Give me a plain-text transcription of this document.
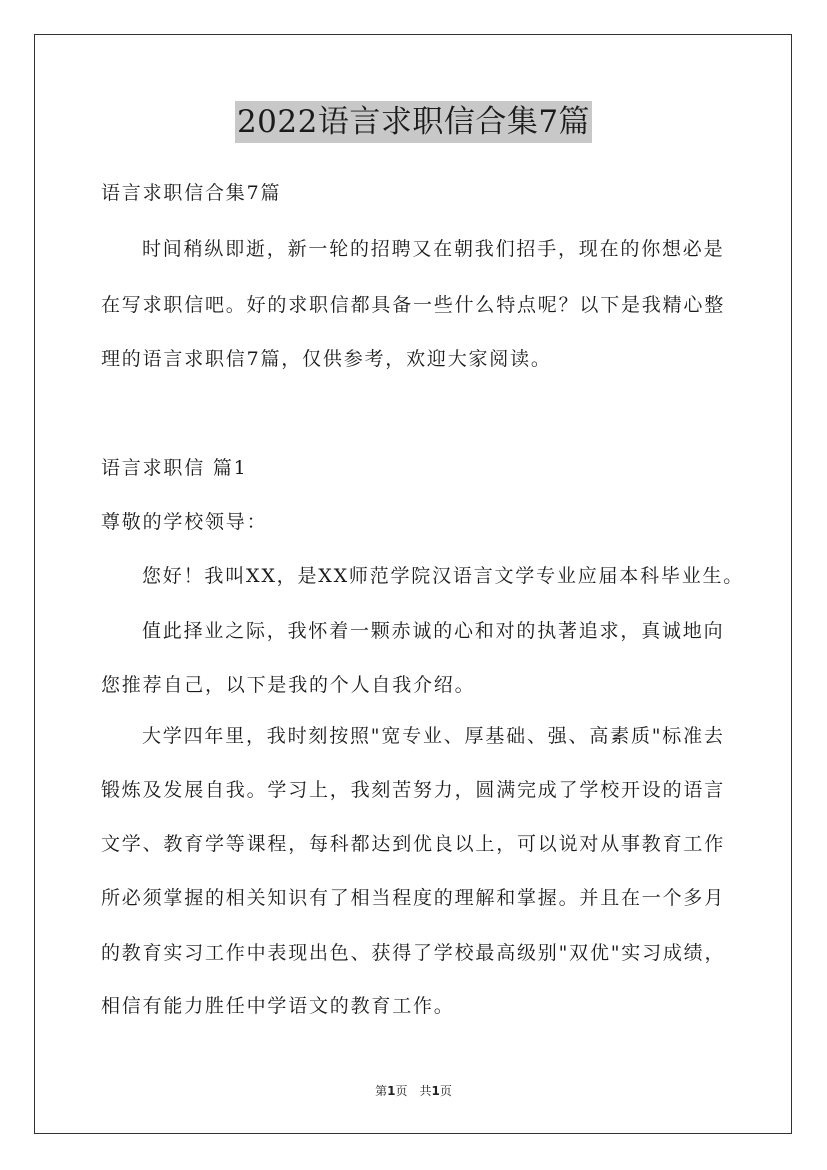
2022语言求职信合集7篇
语言求职信合集7篇
时间稍纵即逝，新一轮的招聘又在朝我们招手，现在的你想必是
在写求职信吧。好的求职信都具备一些什么特点呢？以下是我精心整
理的语言求职信7篇，仅供参考，欢迎大家阅读。
语言求职信 篇1
尊敬的学校领导：
您好！我叫XX，是XX师范学院汉语言文学专业应届本科毕业生。
值此择业之际，我怀着一颗赤诚的心和对的执著追求，真诚地向
您推荐自己，以下是我的个人自我介绍。
大学四年里，我时刻按照"宽专业、厚基础、强、高素质"标准去
锻炼及发展自我。学习上，我刻苦努力，圆满完成了学校开设的语言
文学、教育学等课程，每科都达到优良以上，可以说对从事教育工作
所必须掌握的相关知识有了相当程度的理解和掌握。并且在一个多月
的教育实习工作中表现出色、获得了学校最高级别"双优"实习成绩，
相信有能力胜任中学语文的教育工作。
第1页　共1页
